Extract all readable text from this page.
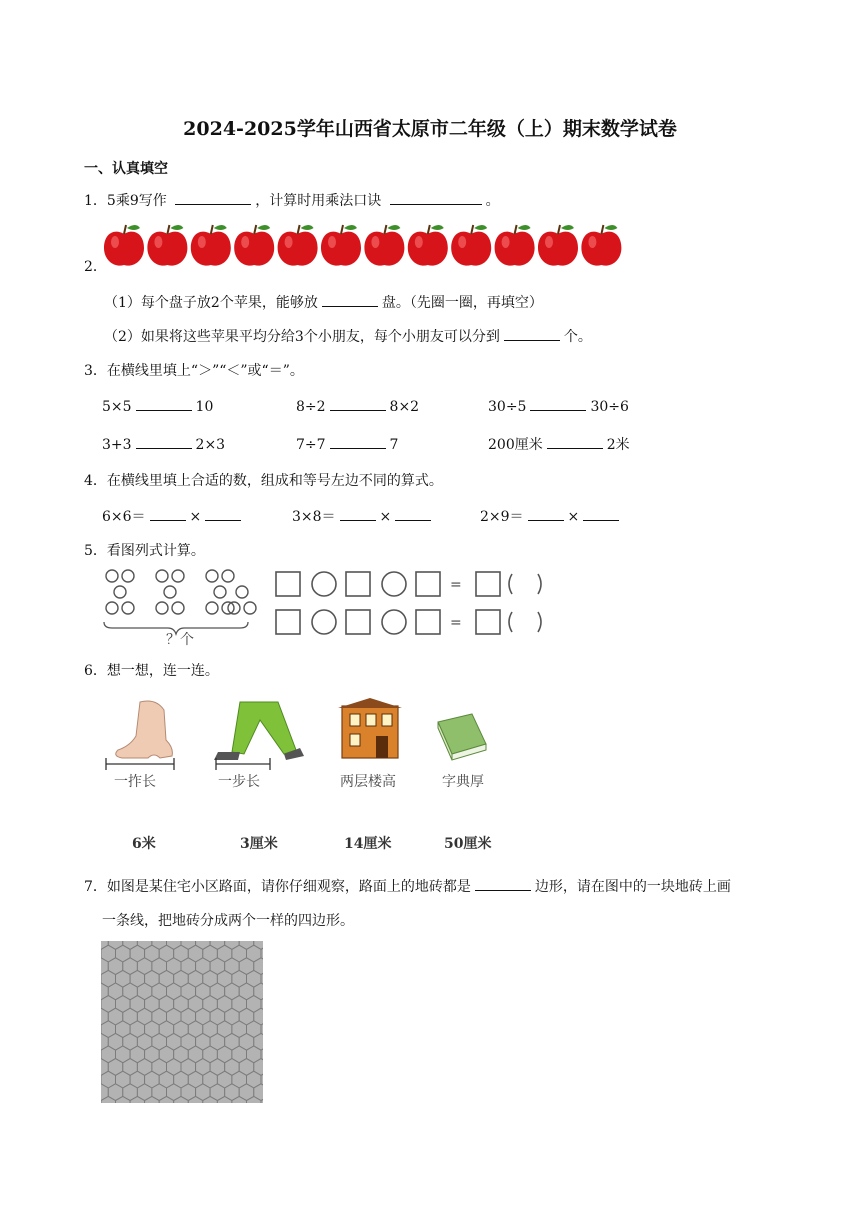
2024-2025学年山西省太原市二年级（上）期末数学试卷
一、认真填空
1．5乘9写作	，计算时用乘法口诀	。
2．
（1）每个盘子放2个苹果，能够放	盘。（先圈一圈，再填空）
（2）如果将这些苹果平均分给3个小朋友，每个小朋友可以分到	个。
3．在横线里填上“＞”“＜”或“＝”。
5×5	10	8÷2	8×2	30÷5	30÷6
3+3	2×3	7÷7	7	200厘米	2米
4．在横线里填上合适的数，组成和等号左边不同的算式。
6×6＝	×	3×8＝	×	2×9＝	×
5．看图列式计算。
？个
=
=
6．想一想，连一连。
一拃长	一步长	两层楼高	字典厚
6米	3厘米	14厘米	50厘米
7．如图是某住宅小区路面，请你仔细观察，路面上的地砖都是	边形，请在图中的一块地砖上画
一条线，把地砖分成两个一样的四边形。
